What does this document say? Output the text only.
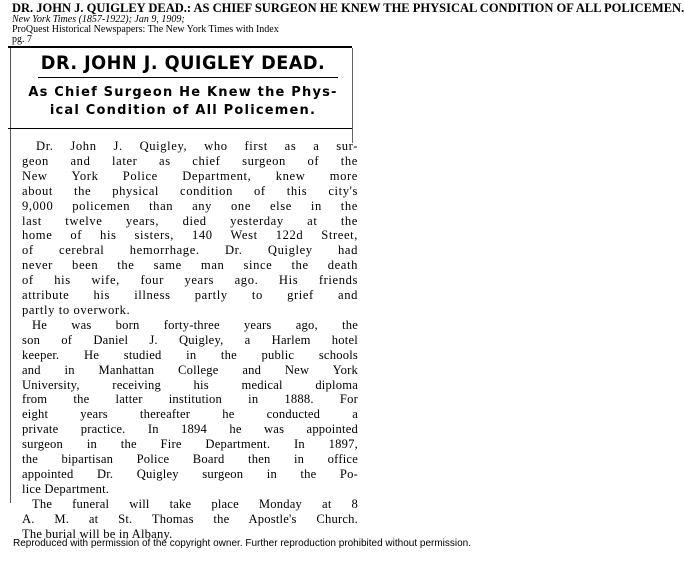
DR. JOHN J. QUIGLEY DEAD.: AS CHIEF SURGEON HE KNEW THE PHYSICAL CONDITION OF ALL POLICEMEN.
New York Times (1857-1922); Jan 9, 1909;
ProQuest Historical Newspapers: The New York Times with Index
pg. 7
DR. JOHN J. QUIGLEY DEAD.
As Chief Surgeon He Knew the Phys-
ical Condition of All Policemen.
Dr. John J. Quigley, who first as a sur-
geon and later as chief surgeon of the
New York Police Department, knew more
about the physical condition of this city's
9,000 policemen than any one else in the
last twelve years, died yesterday at the
home of his sisters, 140 West 122d Street,
of cerebral hemorrhage. Dr. Quigley had
never been the same man since the death
of his wife, four years ago. His friends
attribute his illness partly to grief and
partly to overwork.
He was born forty-three years ago, the
son of Daniel J. Quigley, a Harlem hotel
keeper. He studied in the public schools
and in Manhattan College and New York
University, receiving his medical diploma
from the latter institution in 1888. For
eight years thereafter he conducted a
private practice. In 1894 he was appointed
surgeon in the Fire Department. In 1897,
the bipartisan Police Board then in office
appointed Dr. Quigley surgeon in the Po-
lice Department.
The funeral will take place Monday at 8
A. M. at St. Thomas the Apostle's Church.
The burial will be in Albany.
Reproduced with permission of the copyright owner. Further reproduction prohibited without permission.
